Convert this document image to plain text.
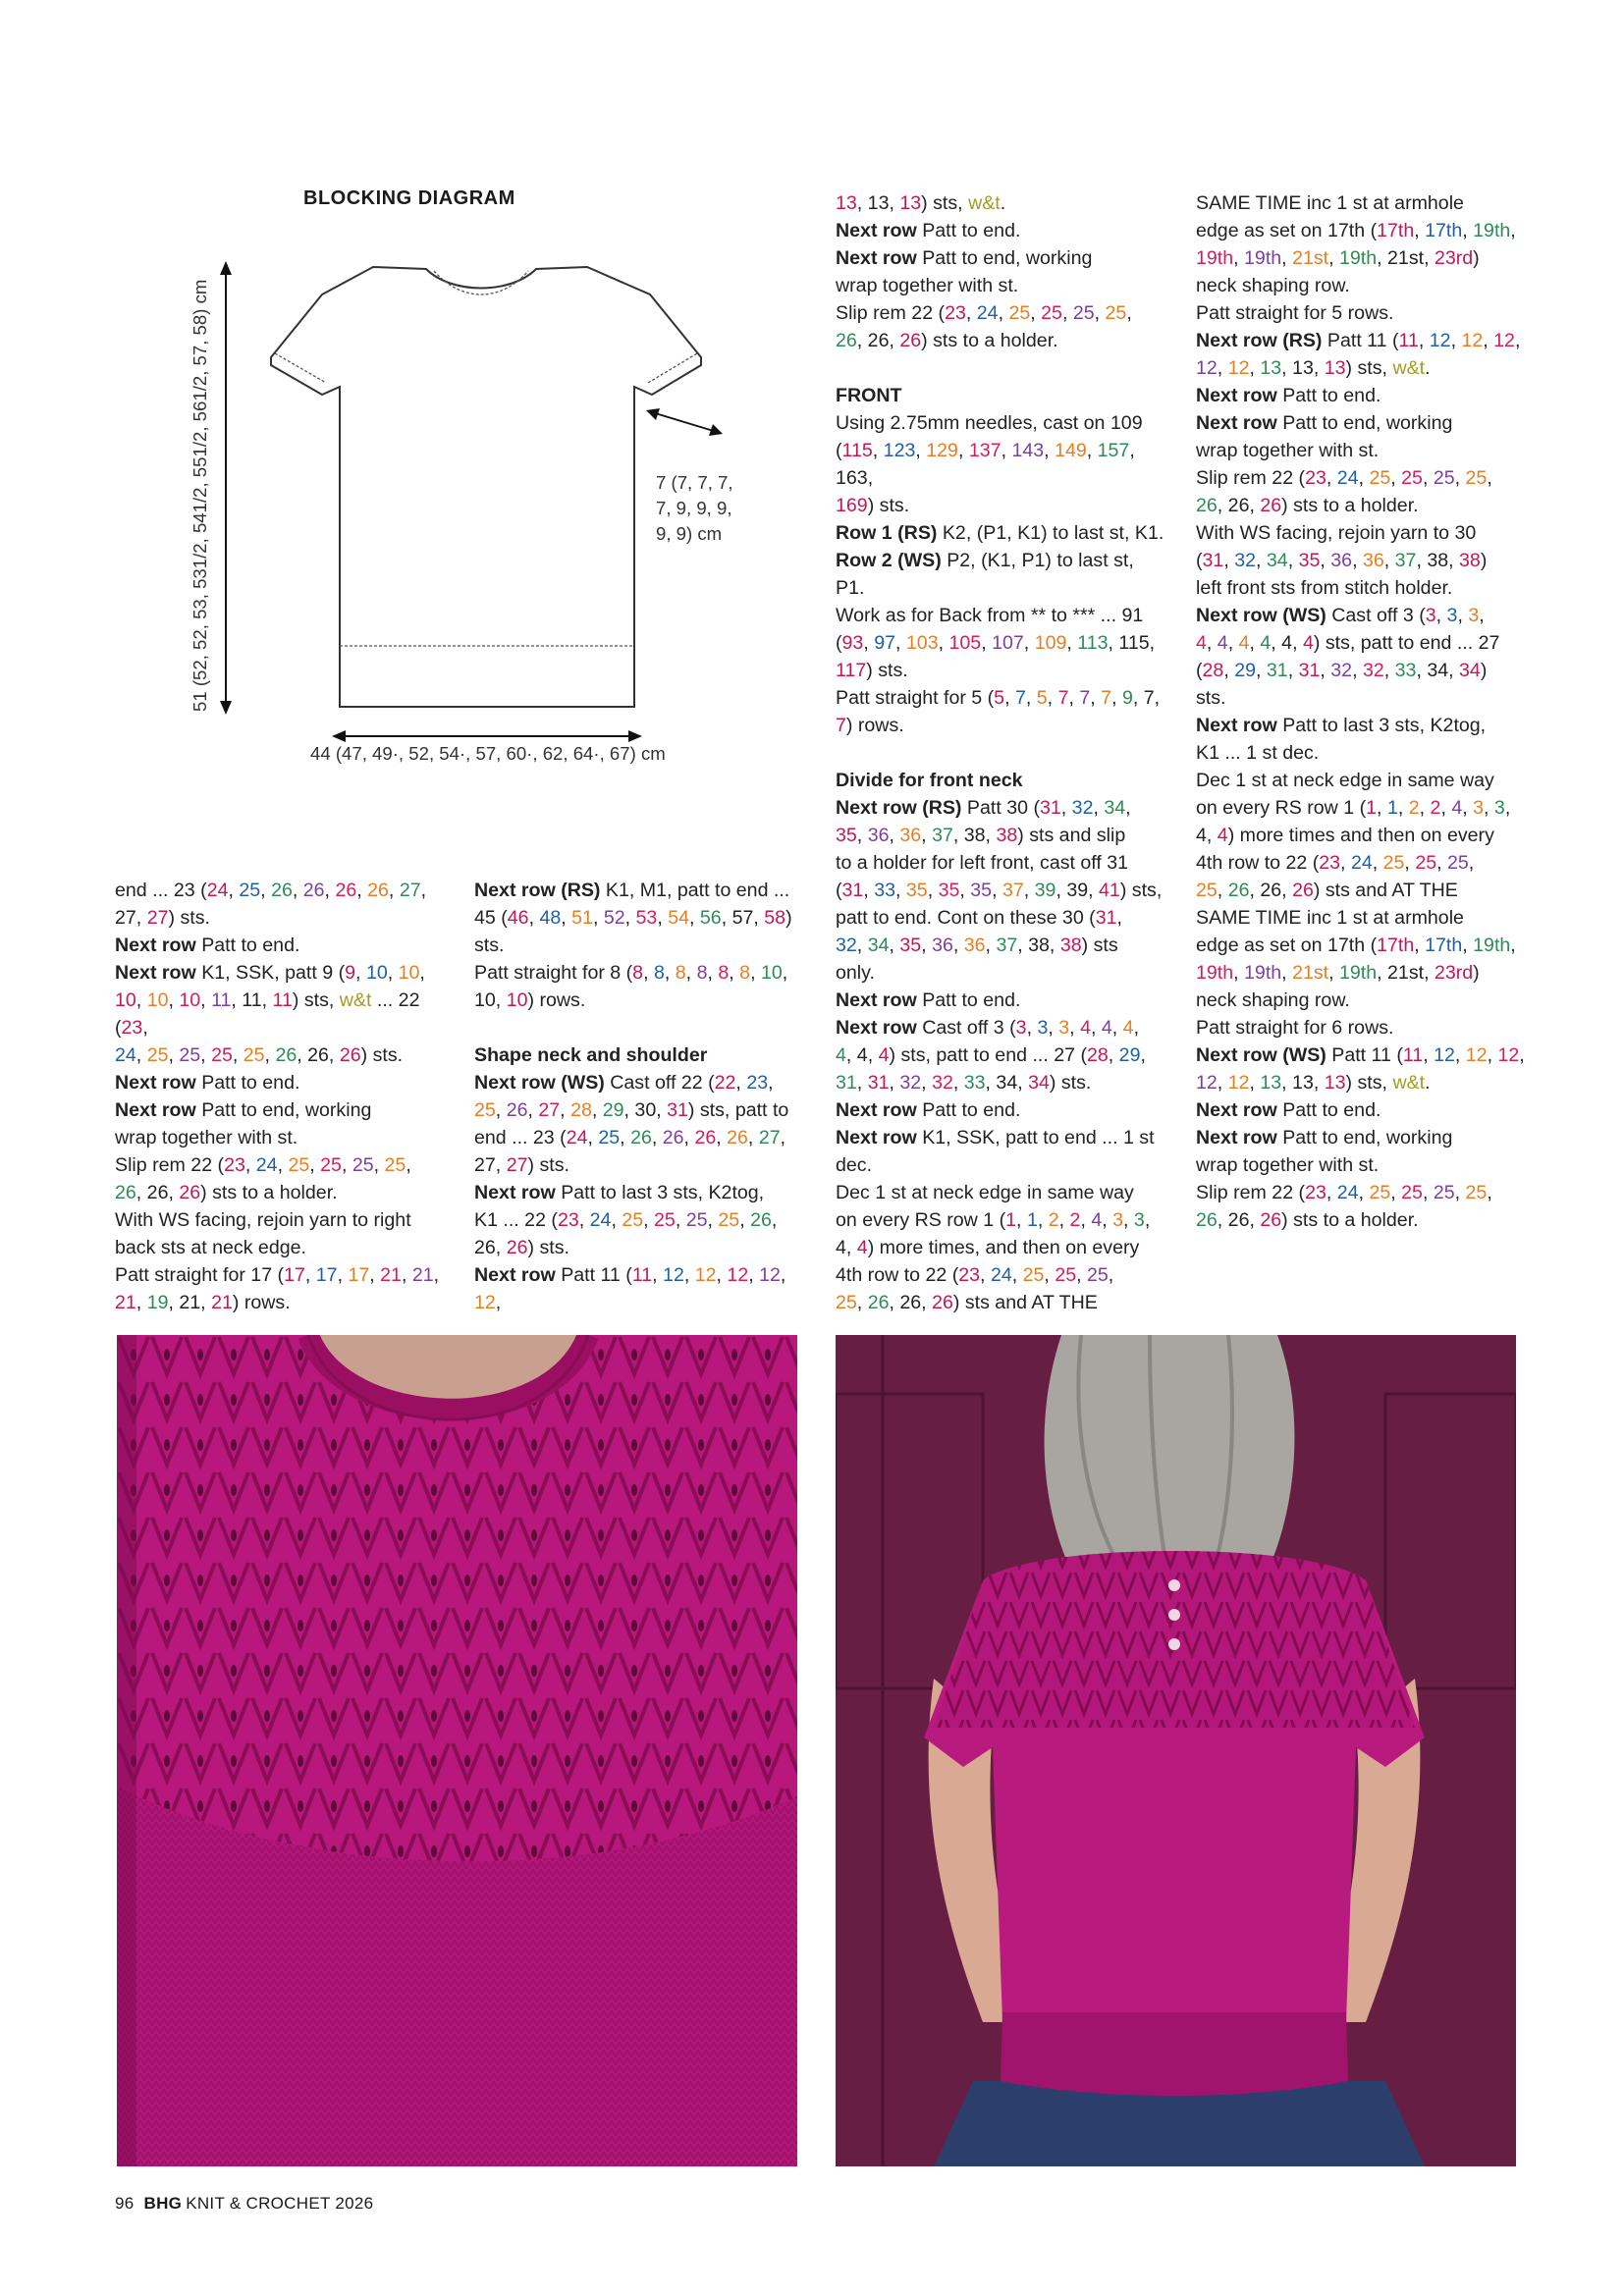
BLOCKING DIAGRAM
51 (52, 52, 53, 531/2, 541/2, 551/2, 561/2, 57, 58) cm	7 (7, 7, 7,
7, 9, 9, 9,
9, 9) cm
44 (47, 49·, 52, 54·, 57, 60·, 62, 64·, 67) cm

Next row (RS) K1, M1, patt to end ...

45 (46, 48, 51, 52, 53, 54, 56, 57, 58)

sts.

Patt straight for 8 (8, 8, 8, 8, 8, 8, 10,

10, 10) rows.

Shape neck and shoulder

Next row (WS) Cast off 22 (22, 23,

25, 26, 27, 28, 29, 30, 31) sts, patt to

end ... 23 (24, 25, 26, 26, 26, 26, 27,

27, 27) sts.

Next row Patt to last 3 sts, K2tog,

K1 ... 22 (23, 24, 25, 25, 25, 25, 26,

26, 26) sts.

Next row Patt 11 (11, 12, 12, 12, 12, 12,

end ... 23 (24, 25, 26, 26, 26, 26, 27,

27, 27) sts.

Next row Patt to end.

Next row K1, SSK, patt 9 (9, 10, 10,

10, 10, 10, 11, 11, 11) sts, w&t ... 22 (23,

24, 25, 25, 25, 25, 26, 26, 26) sts.

Next row Patt to end.

Next row Patt to end, working

wrap together with st.

Slip rem 22 (23, 24, 25, 25, 25, 25,

26, 26, 26) sts to a holder.

With WS facing, rejoin yarn to right

back sts at neck edge.

Patt straight for 17 (17, 17, 17, 21, 21,

21, 19, 21, 21) rows.

13, 13, 13) sts, w&t.

Next row Patt to end.

Next row Patt to end, working

wrap together with st.

Slip rem 22 (23, 24, 25, 25, 25, 25,

26, 26, 26) sts to a holder.

FRONT

Using 2.75mm needles, cast on 109

(115, 123, 129, 137, 143, 149, 157, 163,

169) sts.

Row 1 (RS) K2, (P1, K1) to last st, K1.

Row 2 (WS) P2, (K1, P1) to last st,

P1.

Work as for Back from ** to *** ... 91

(93, 97, 103, 105, 107, 109, 113, 115,

117) sts.

Patt straight for 5 (5, 7, 5, 7, 7, 7, 9, 7,

7) rows.

Divide for front neck

Next row (RS) Patt 30 (31, 32, 34,

35, 36, 36, 37, 38, 38) sts and slip

to a holder for left front, cast off 31

(31, 33, 35, 35, 35, 37, 39, 39, 41) sts,

patt to end. Cont on these 30 (31,

32, 34, 35, 36, 36, 37, 38, 38) sts

only.

Next row Patt to end.

Next row Cast off 3 (3, 3, 3, 4, 4, 4,

4, 4, 4) sts, patt to end ... 27 (28, 29,

31, 31, 32, 32, 33, 34, 34) sts.

Next row Patt to end.

Next row K1, SSK, patt to end ... 1 st

dec.

Dec 1 st at neck edge in same way

on every RS row 1 (1, 1, 2, 2, 4, 3, 3,

4, 4) more times, and then on every

4th row to 22 (23, 24, 25, 25, 25,

25, 26, 26, 26) sts and AT THE

SAME TIME inc 1 st at armhole

edge as set on 17th (17th, 17th, 19th,

19th, 19th, 21st, 19th, 21st, 23rd)

neck shaping row.

Patt straight for 5 rows.

Next row (RS) Patt 11 (11, 12, 12, 12,

12, 12, 13, 13, 13) sts, w&t.

Next row Patt to end.

Next row Patt to end, working

wrap together with st.

Slip rem 22 (23, 24, 25, 25, 25, 25,

26, 26, 26) sts to a holder.

With WS facing, rejoin yarn to 30

(31, 32, 34, 35, 36, 36, 37, 38, 38)

left front sts from stitch holder.

Next row (WS) Cast off 3 (3, 3, 3,

4, 4, 4, 4, 4, 4) sts, patt to end ... 27

(28, 29, 31, 31, 32, 32, 33, 34, 34)

sts.

Next row Patt to last 3 sts, K2tog,

K1 ... 1 st dec.

Dec 1 st at neck edge in same way

on every RS row 1 (1, 1, 2, 2, 4, 3, 3,

4, 4) more times and then on every

4th row to 22 (23, 24, 25, 25, 25,

25, 26, 26, 26) sts and AT THE

SAME TIME inc 1 st at armhole

edge as set on 17th (17th, 17th, 19th,

19th, 19th, 21st, 19th, 21st, 23rd)

neck shaping row.

Patt straight for 6 rows.

Next row (WS) Patt 11 (11, 12, 12, 12,

12, 12, 13, 13, 13) sts, w&t.

Next row Patt to end.

Next row Patt to end, working

wrap together with st.

Slip rem 22 (23, 24, 25, 25, 25, 25,

26, 26, 26) sts to a holder.

96 BHG KNIT & CROCHET 2026
